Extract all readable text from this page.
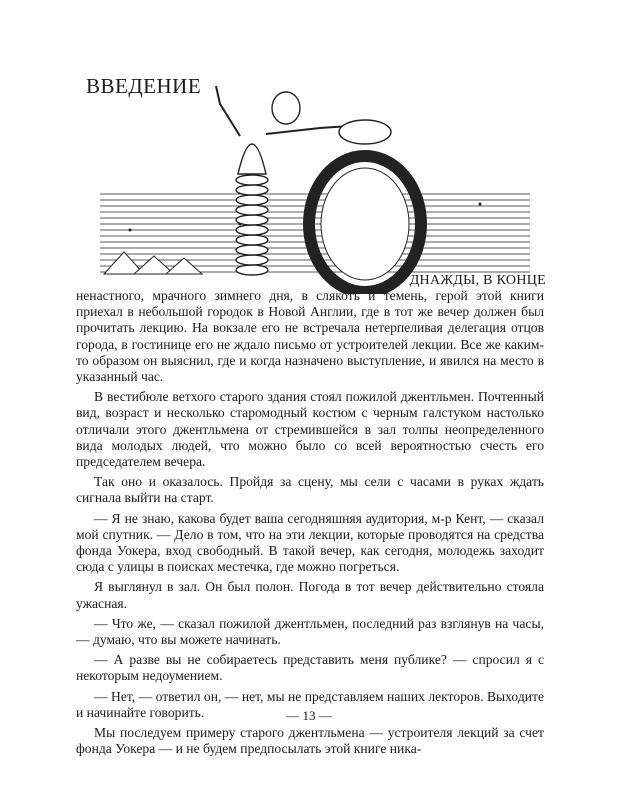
ВВЕДЕНИЕ
ДНАЖДЫ, В КОНЦЕ

ненастного, мрачного зимнего дня, в слякоть и темень, герой этой книги приехал в небольшой городок в Новой Англии, где в тот же вечер должен был прочитать лекцию. На вокзале его не встречала нетерпеливая делегация отцов города, в гостинице его не ждало письмо от устроителей лекции. Все же каким-то образом он выяснил, где и когда назначено выступление, и явился на место в указанный час.

В вестибюле ветхого старого здания стоял пожилой джентльмен. Почтенный вид, возраст и несколько старомодный костюм с черным галстуком настолько отличали этого джентльмена от стремившейся в зал толпы неопределенного вида молодых людей, что можно было со всей вероятностью счесть его председателем вечера.

Так оно и оказалось. Пройдя за сцену, мы сели с часами в руках ждать сигнала выйти на старт.

— Я не знаю, какова будет ваша сегодняшняя аудитория, м-р Кент, — сказал мой спутник. — Дело в том, что на эти лекции, которые проводятся на средства фонда Уокера, вход свободный. В такой вечер, как сегодня, молодежь заходит сюда с улицы в поисках местечка, где можно погреться.

Я выглянул в зал. Он был полон. Погода в тот вечер действительно стояла ужасная.

— Что же, — сказал пожилой джентльмен, последний раз взглянув на часы, — думаю, что вы можете начинать.

— А разве вы не собираетесь представить меня публике? — спросил я с некоторым недоумением.

— Нет, — ответил он, — нет, мы не представляем наших лекторов. Выходите и начинайте говорить.

Мы последуем примеру старого джентльмена — устроителя лекций за счет фонда Уокера — и не будем предпосылать этой книге ника-

— 13 —
